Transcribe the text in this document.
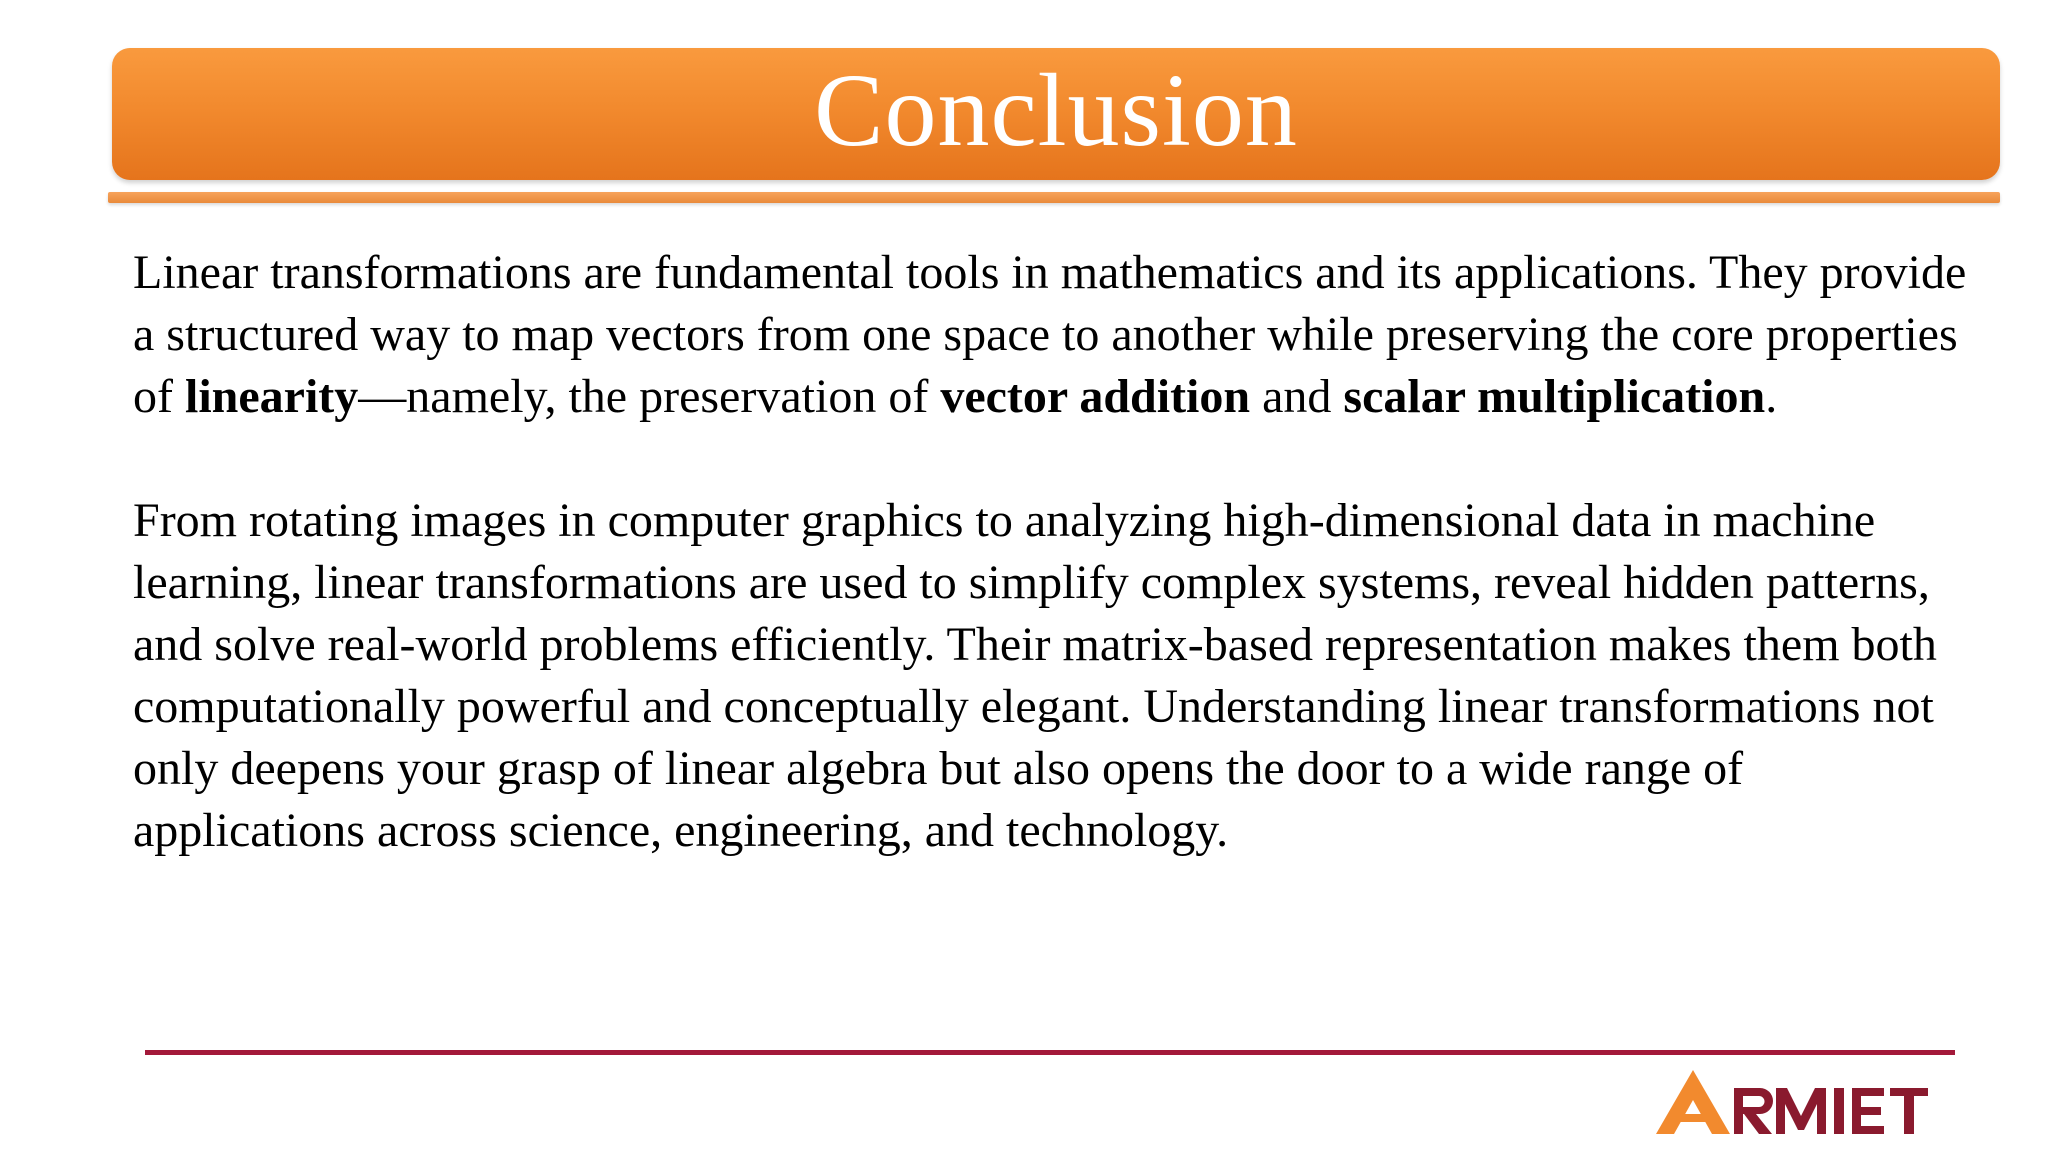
Conclusion

Linear transformations are fundamental tools in mathematics and its applications. They provide a structured way to map vectors from one space to another while preserving the core properties of linearity—namely, the preservation of vector addition and scalar multiplication.

From rotating images in computer graphics to analyzing high-dimensional data in machine learning, linear transformations are used to simplify complex systems, reveal hidden patterns, and solve real-world problems efficiently. Their matrix-based representation makes them both computationally powerful and conceptually elegant. Understanding linear transformations not only deepens your grasp of linear algebra but also opens the door to a wide range of applications across science, engineering, and technology.
